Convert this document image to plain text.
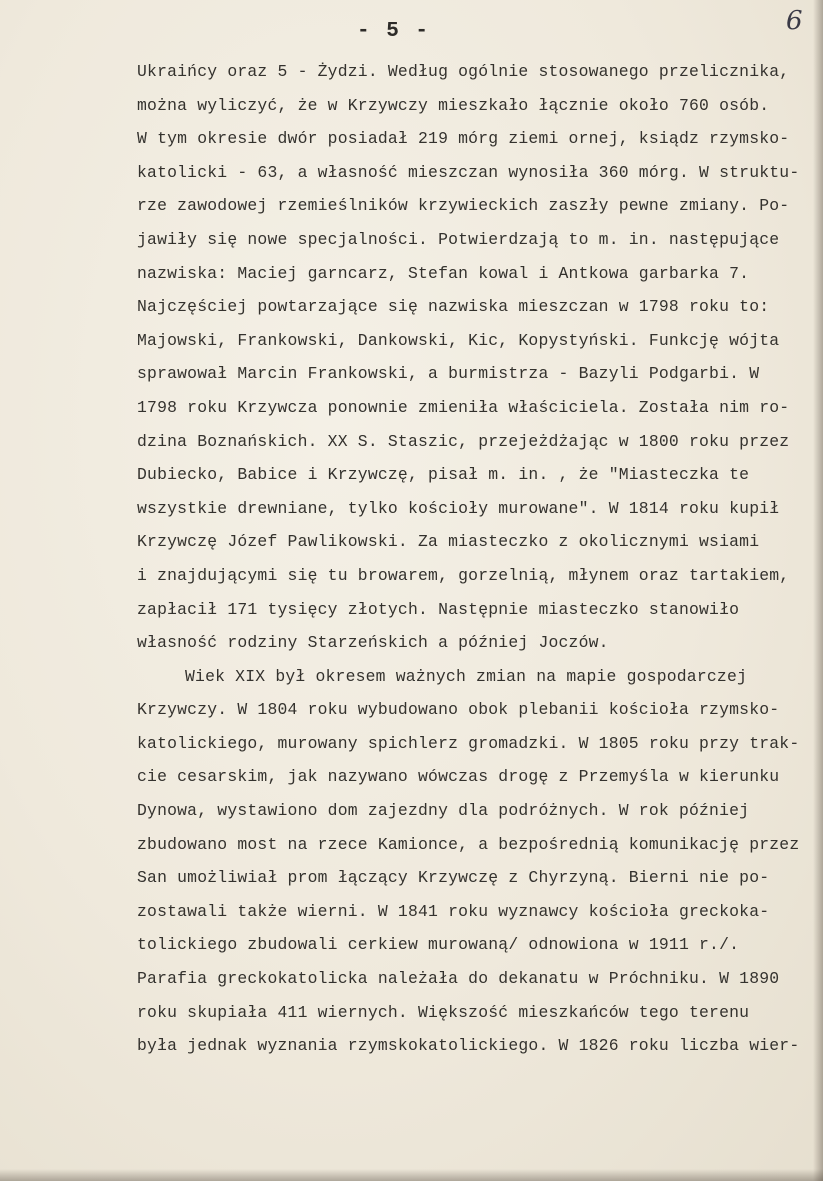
- 5 -	6
Ukraińcy oraz 5 - Żydzi. Według ogólnie stosowanego przelicznika,
można wyliczyć, że w Krzywczy mieszkało łącznie około 760 osób.
W tym okresie dwór posiadał 219 mórg ziemi ornej, ksiądz rzymsko-
katolicki - 63, a własność mieszczan wynosiła 360 mórg. W struktu-
rze zawodowej rzemieślników krzywieckich zaszły pewne zmiany. Po-
jawiły się nowe specjalności. Potwierdzają to m. in. następujące
nazwiska: Maciej garncarz, Stefan kowal i Antkowa garbarka 7.
Najczęściej powtarzające się nazwiska mieszczan w 1798 roku to:
Majowski, Frankowski, Dankowski, Kic, Kopystyński. Funkcję wójta
sprawował Marcin Frankowski, a burmistrza - Bazyli Podgarbi. W
1798 roku Krzywcza ponownie zmieniła właściciela. Została nim ro-
dzina Boznańskich. XX S. Staszic, przejeżdżając w 1800 roku przez
Dubiecko, Babice i Krzywczę, pisał m. in. , że "Miasteczka te
wszystkie drewniane, tylko kościoły murowane". W 1814 roku kupił
Krzywczę Józef Pawlikowski. Za miasteczko z okolicznymi wsiami
i znajdującymi się tu browarem, gorzelnią, młynem oraz tartakiem,
zapłacił 171 tysięcy złotych. Następnie miasteczko stanowiło
własność rodziny Starzeńskich a później Joczów.
Wiek XIX był okresem ważnych zmian na mapie gospodarczej
Krzywczy. W 1804 roku wybudowano obok plebanii kościoła rzymsko-
katolickiego, murowany spichlerz gromadzki. W 1805 roku przy trak-
cie cesarskim, jak nazywano wówczas drogę z Przemyśla w kierunku
Dynowa, wystawiono dom zajezdny dla podróżnych. W rok później
zbudowano most na rzece Kamionce, a bezpośrednią komunikację przez
San umożliwiał prom łączący Krzywczę z Chyrzyną. Bierni nie po-
zostawali także wierni. W 1841 roku wyznawcy kościoła greckoka-
tolickiego zbudowali cerkiew murowaną/ odnowiona w 1911 r./.
Parafia greckokatolicka należała do dekanatu w Próchniku. W 1890
roku skupiała 411 wiernych. Większość mieszkańców tego terenu
była jednak wyznania rzymskokatolickiego. W 1826 roku liczba wier-
